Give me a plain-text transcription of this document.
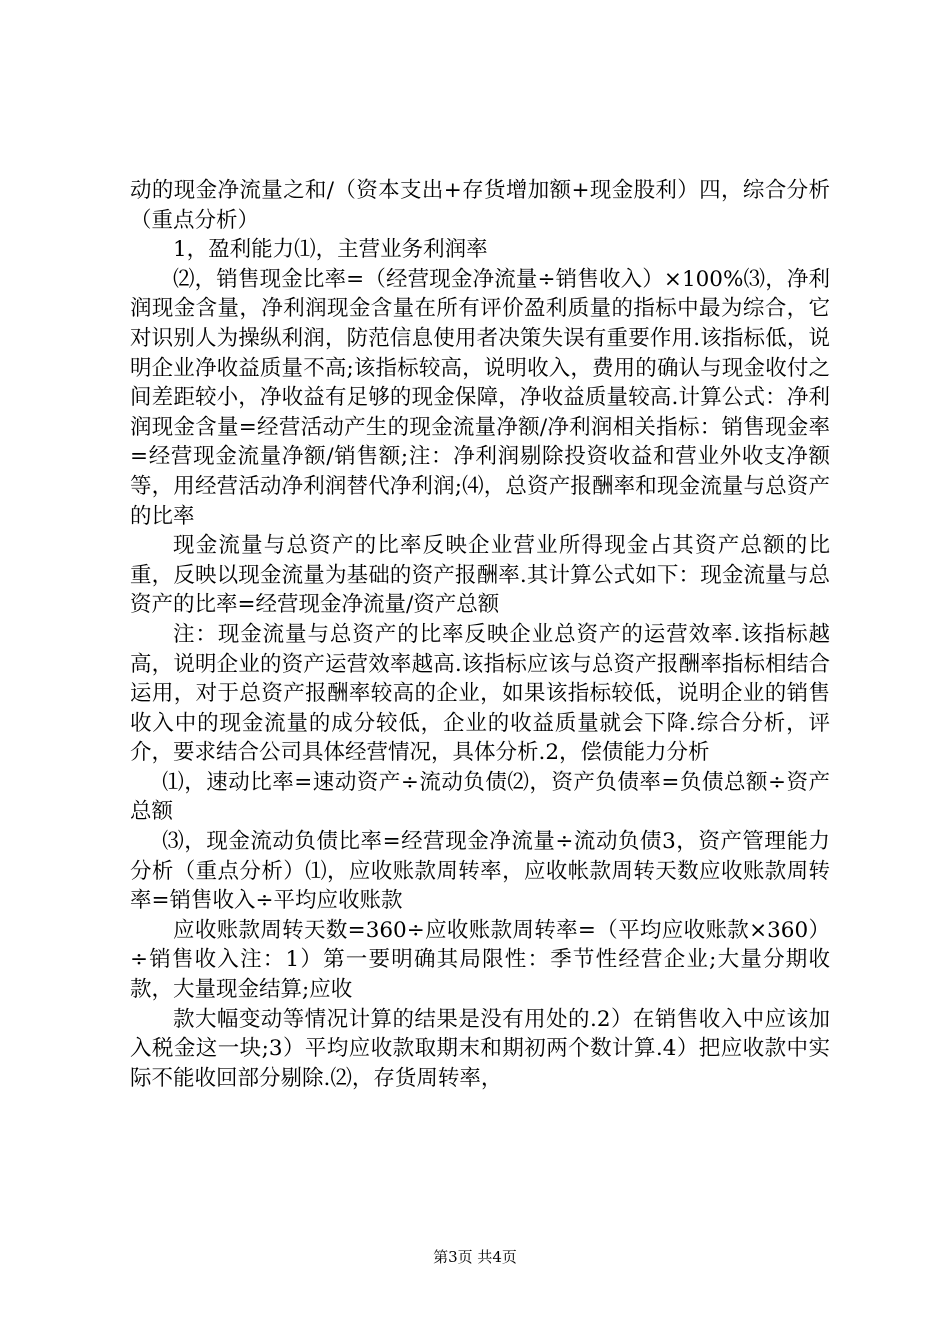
动的现金净流量之和/（资本支出+存货增加额+现金股利）四，综合分析（重点分析）

1，盈利能力⑴，主营业务利润率

⑵，销售现金比率=（经营现金净流量÷销售收入）×100%⑶，净利润现金含量，净利润现金含量在所有评价盈利质量的指标中最为综合，它对识别人为操纵利润，防范信息使用者决策失误有重要作用.该指标低，说明企业净收益质量不高;该指标较高，说明收入，费用的确认与现金收付之间差距较小，净收益有足够的现金保障，净收益质量较高.计算公式：净利润现金含量=经营活动产生的现金流量净额/净利润相关指标：销售现金率=经营现金流量净额/销售额;注：净利润剔除投资收益和营业外收支净额等，用经营活动净利润替代净利润;⑷，总资产报酬率和现金流量与总资产的比率

现金流量与总资产的比率反映企业营业所得现金占其资产总额的比重，反映以现金流量为基础的资产报酬率.其计算公式如下：现金流量与总资产的比率=经营现金净流量/资产总额

注：现金流量与总资产的比率反映企业总资产的运营效率.该指标越高，说明企业的资产运营效率越高.该指标应该与总资产报酬率指标相结合运用，对于总资产报酬率较高的企业，如果该指标较低，说明企业的销售收入中的现金流量的成分较低，企业的收益质量就会下降.综合分析，评介，要求结合公司具体经营情况，具体分析.2，偿债能力分析

⑴，速动比率=速动资产÷流动负债⑵，资产负债率=负债总额÷资产总额

⑶，现金流动负债比率=经营现金净流量÷流动负债3，资产管理能力分析（重点分析）⑴，应收账款周转率，应收帐款周转天数应收账款周转率=销售收入÷平均应收账款

应收账款周转天数=360÷应收账款周转率=（平均应收账款×360）÷销售收入注：1）第一要明确其局限性：季节性经营企业;大量分期收款，大量现金结算;应收

款大幅变动等情况计算的结果是没有用处的.2）在销售收入中应该加入税金这一块;3）平均应收款取期末和期初两个数计算.4）把应收款中实际不能收回部分剔除.⑵，存货周转率，

第3页 共4页
